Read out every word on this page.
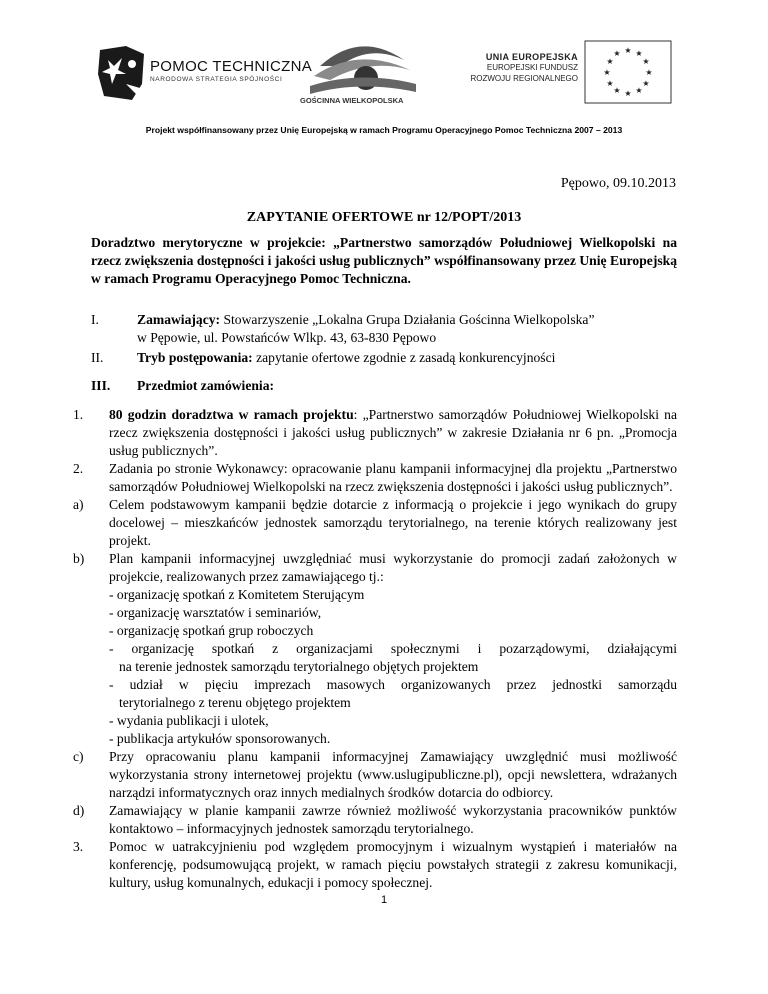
POMOC TECHNICZNA
NARODOWA STRATEGIA SPÓJNOŚCI
GOŚCINNA WIELKOPOLSKA
UNIA EUROPEJSKA
EUROPEJSKI FUNDUSZ
ROZWOJU REGIONALNEGO
★ ★
★
★
★
★
★
★
★
★
★
★
Projekt współfinansowany przez Unię Europejską w ramach Programu Operacyjnego Pomoc Techniczna 2007 – 2013
Pępowo, 09.10.2013
ZAPYTANIE OFERTOWE nr 12/POPT/2013

Doradztwo merytoryczne w projekcie: „Partnerstwo samorządów Południowej Wielkopolski na rzecz zwiększenia dostępności i jakości usług publicznych” współfinansowany przez Unię Europejską w ramach Programu Operacyjnego Pomoc Techniczna.

I.	Zamawiający: Stowarzyszenie „Lokalna Grupa Działania Gościnna Wielkopolska”
w Pępowie, ul. Powstańców Wlkp. 43, 63-830 Pępowo
II. Tryb postępowania: zapytanie ofertowe zgodnie z zasadą konkurencyjności
III. Przedmiot zamówienia:
1. 80 godzin doradztwa w ramach projektu: „Partnerstwo samorządów Południowej Wielkopolski na rzecz zwiększenia dostępności i jakości usług publicznych” w zakresie Działania nr 6 pn. „Promocja usług publicznych”.
2. Zadania po stronie Wykonawcy: opracowanie planu kampanii informacyjnej dla projektu „Partnerstwo samorządów Południowej Wielkopolski na rzecz zwiększenia dostępności i jakości usług publicznych”.
a) Celem podstawowym kampanii będzie dotarcie z informacją o projekcie i jego wynikach do grupy docelowej – mieszkańców jednostek samorządu terytorialnego, na terenie których realizowany jest projekt.
b) Plan kampanii informacyjnej uwzględniać musi wykorzystanie do promocji zadań założonych w projekcie, realizowanych przez zamawiającego tj.:
- organizację spotkań z Komitetem Sterującym
- organizację warsztatów i seminariów,
- organizację spotkań grup roboczych
- organizację spotkań z organizacjami społecznymi i pozarządowymi, działającymi
na terenie jednostek samorządu terytorialnego objętych projektem
- udział w pięciu imprezach masowych organizowanych przez jednostki samorządu
terytorialnego z terenu objętego projektem
- wydania publikacji i ulotek,
- publikacja artykułów sponsorowanych.
c) Przy opracowaniu planu kampanii informacyjnej Zamawiający uwzględnić musi możliwość wykorzystania strony internetowej projektu (www.uslugipubliczne.pl), opcji newslettera, wdrażanych narządzi informatycznych oraz innych medialnych środków dotarcia do odbiorcy.
d) Zamawiający w planie kampanii zawrze również możliwość wykorzystania pracowników punktów kontaktowo – informacyjnych jednostek samorządu terytorialnego.
3. Pomoc w uatrakcyjnieniu pod względem promocyjnym i wizualnym wystąpień i materiałów na konferencję, podsumowującą projekt, w ramach pięciu powstałych strategii z zakresu komunikacji, kultury, usług komunalnych, edukacji i pomocy społecznej.
1
